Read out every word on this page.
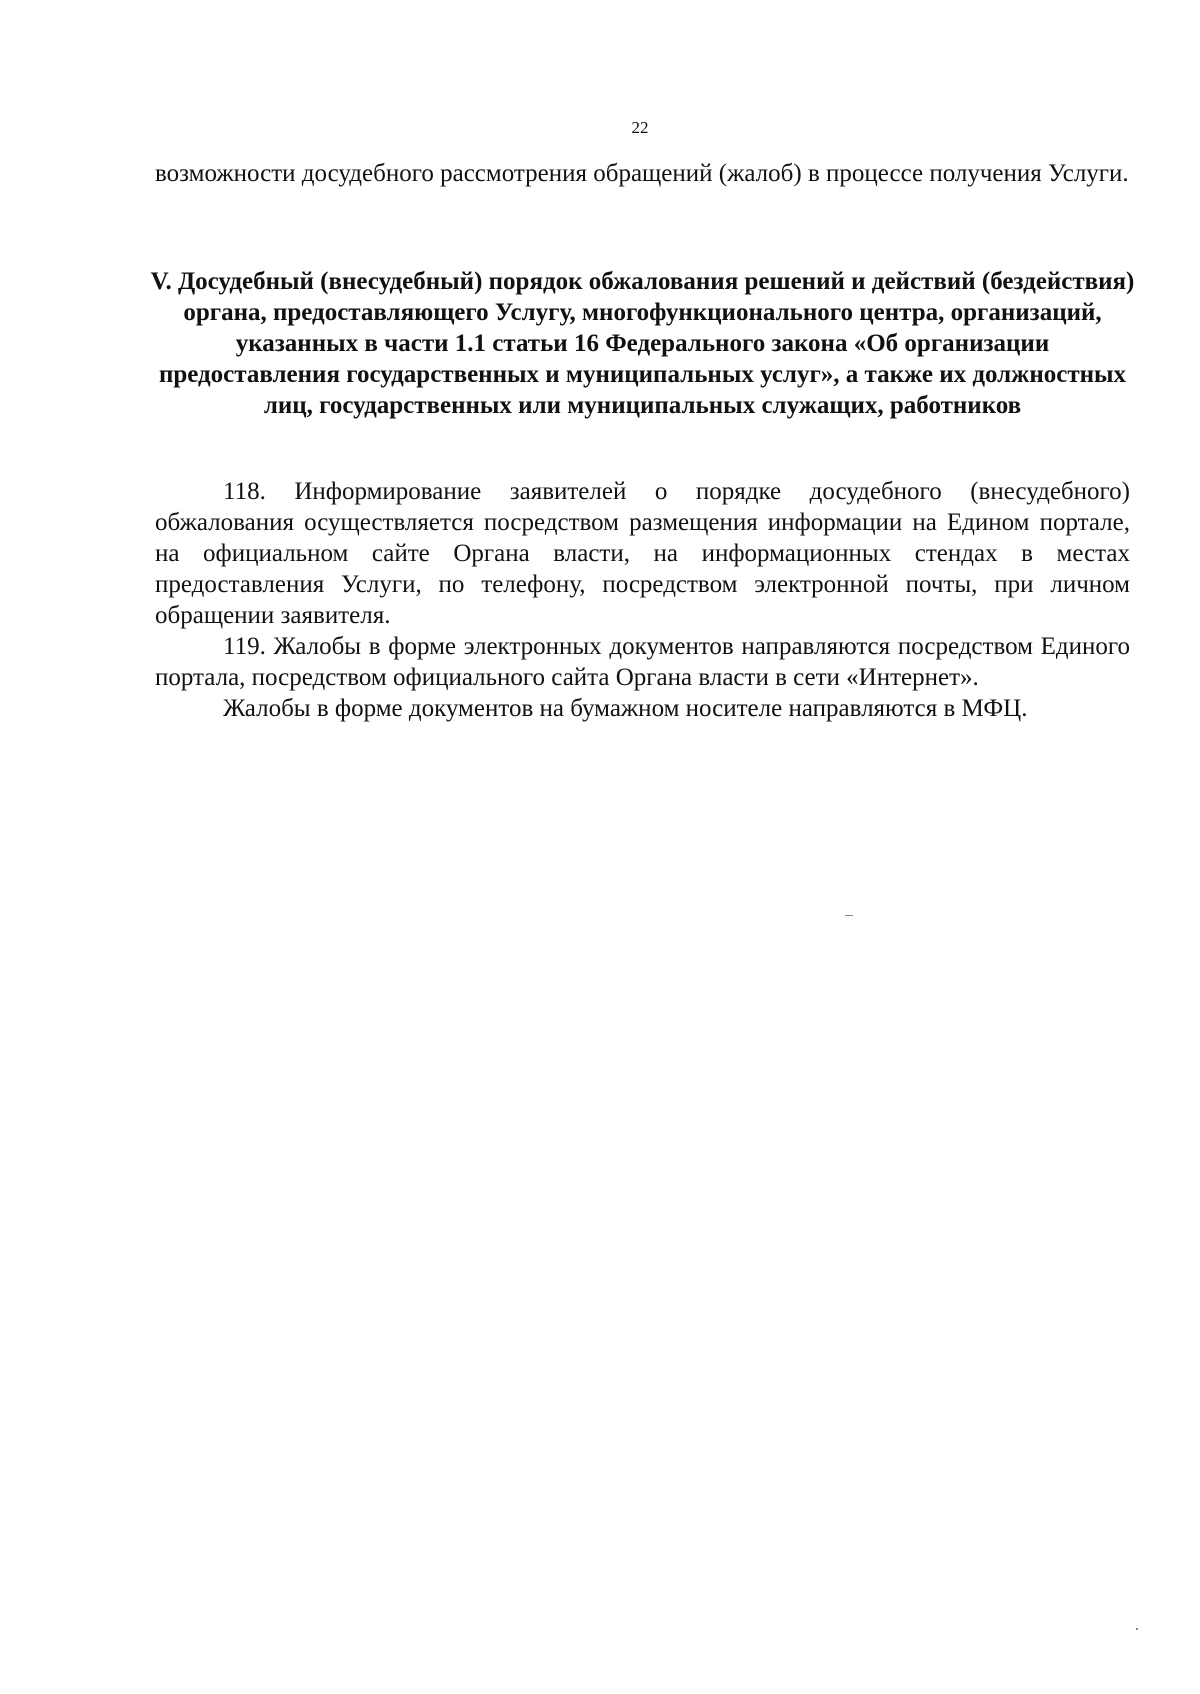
22
возможности досудебного рассмотрения обращений (жалоб) в процессе получения Услуги.
V. Досудебный (внесудебный) порядок обжалования решений и действий (бездействия) органа, предоставляющего Услугу, многофункционального центра, организаций, указанных в части 1.1 статьи 16 Федерального закона «Об организации предоставления государственных и муниципальных услуг», а также их должностных лиц, государственных или муниципальных служащих, работников

118. Информирование заявителей о порядке досудебного (внесудебного) обжалования осуществляется посредством размещения информации на Едином портале, на официальном сайте Органа власти, на информационных стендах в местах предоставления Услуги, по телефону, посредством электронной почты, при личном обращении заявителя.

119. Жалобы в форме электронных документов направляются посредством Единого портала, посредством официального сайта Органа власти в сети «Интернет».

Жалобы в форме документов на бумажном носителе направляются в МФЦ.
